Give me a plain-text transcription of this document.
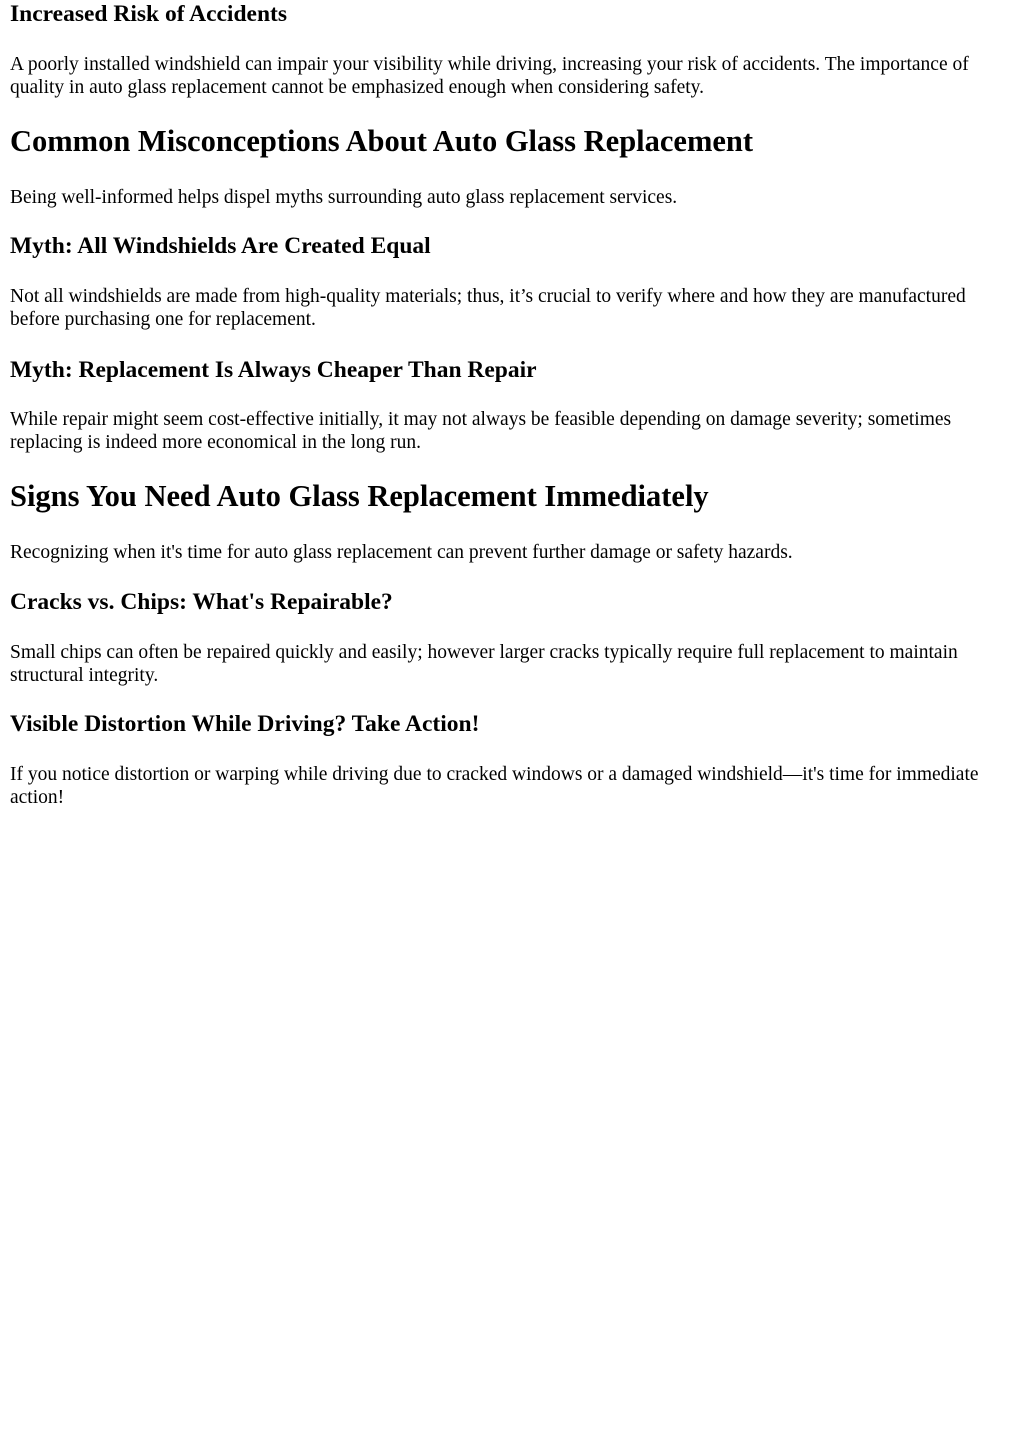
Increased Risk of Accidents

A poorly installed windshield can impair your visibility while driving, increasing your risk of accidents. The importance of quality in auto glass replacement cannot be emphasized enough when considering safety.

Common Misconceptions About Auto Glass Replacement

Being well-informed helps dispel myths surrounding auto glass replacement services.

Myth: All Windshields Are Created Equal

Not all windshields are made from high-quality materials; thus, it’s crucial to verify where and how they are manufactured before purchasing one for replacement.

Myth: Replacement Is Always Cheaper Than Repair

While repair might seem cost-effective initially, it may not always be feasible depending on damage severity; sometimes replacing is indeed more economical in the long run.

Signs You Need Auto Glass Replacement Immediately

Recognizing when it's time for auto glass replacement can prevent further damage or safety hazards.

Cracks vs. Chips: What's Repairable?

Small chips can often be repaired quickly and easily; however larger cracks typically require full replacement to maintain structural integrity.

Visible Distortion While Driving? Take Action!

If you notice distortion or warping while driving due to cracked windows or a damaged windshield—it's time for immediate action!
